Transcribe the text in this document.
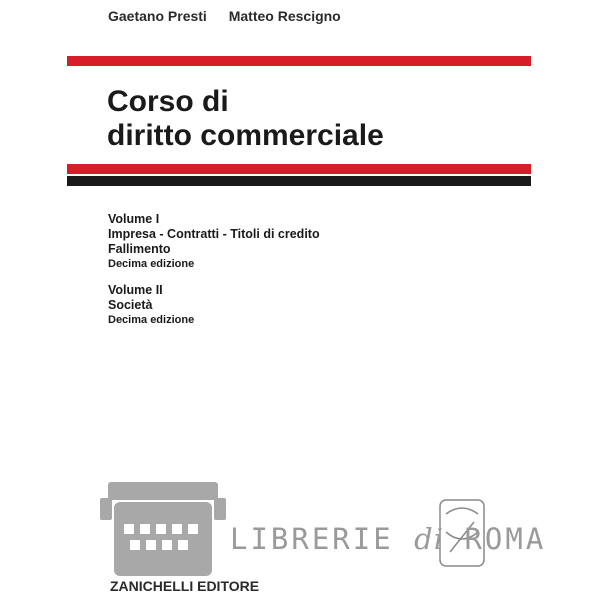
Gaetano Presti Matteo Rescigno
Corso di
diritto commerciale
Volume I
Impresa - Contratti - Titoli di credito
Fallimento
Decima edizione
Volume II
Società
Decima edizione
LIBRERIE di ROMA
ZANICHELLI EDITORE
